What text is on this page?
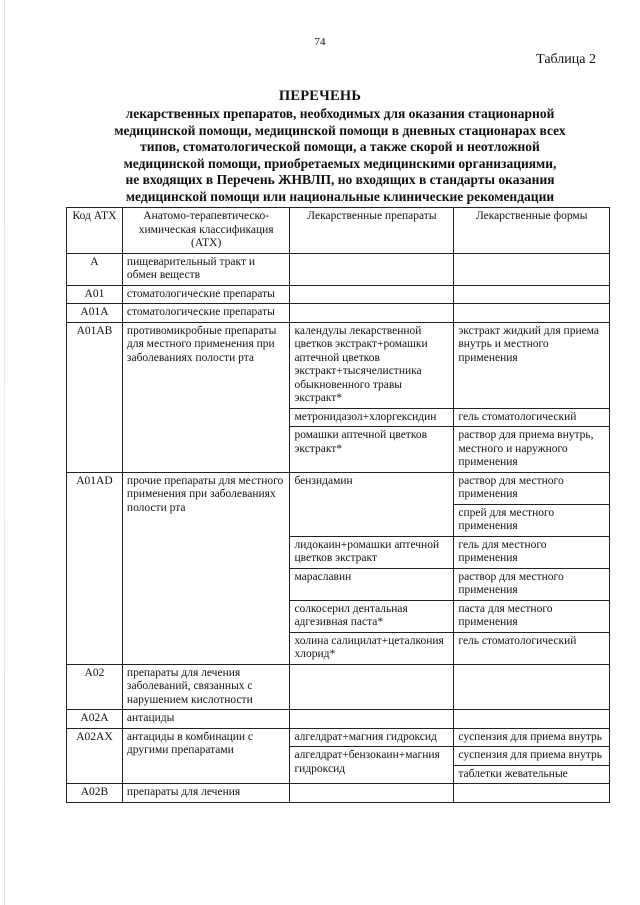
74
Таблица 2
ПЕРЕЧЕНЬ
лекарственных препаратов, необходимых для оказания стационарной
медицинской помощи, медицинской помощи в дневных стационарах всех
типов, стоматологической помощи, а также скорой и неотложной
медицинской помощи, приобретаемых медицинскими организациями,
не входящих в Перечень ЖНВЛП, но входящих в стандарты оказания
медицинской помощи или национальные клинические рекомендации
Код АТХ	Анатомо-терапевтическо-химическая классификация (АТХ)	Лекарственные препараты	Лекарственные формы
A	пищеварительный тракт и обмен веществ		
A01	стоматологические препараты		
A01A	стоматологические препараты		
A01AB	противомикробные препараты для местного применения при заболеваниях полости рта	календулы лекарственной цветков экстракт+ромашки аптечной цветков экстракт+тысячелистника обыкновенного травы экстракт*	экстракт жидкий для приема внутрь и местного применения
		метронидазол+хлоргексидин	гель стоматологический
		ромашки аптечной цветков экстракт*	раствор для приема внутрь, местного и наружного применения
A01AD	прочие препараты для местного применения при заболеваниях полости рта	бензидамин	раствор для местного применения
			спрей для местного применения
		лидокаин+ромашки аптечной цветков экстракт	гель для местного применения
		мараславин	раствор для местного применения
		солкосерил дентальная адгезивная паста*	паста для местного применения
		холина салицилат+цеталкония хлорид*	гель стоматологический
A02	препараты для лечения заболеваний, связанных с нарушением кислотности		
A02A	антациды		
A02AX	антациды в комбинации с другими препаратами	алгелдрат+магния гидроксид	суспензия для приема внутрь
		алгелдрат+бензокаин+магния гидроксид	суспензия для приема внутрь
			таблетки жевательные
A02B	препараты для лечения		
